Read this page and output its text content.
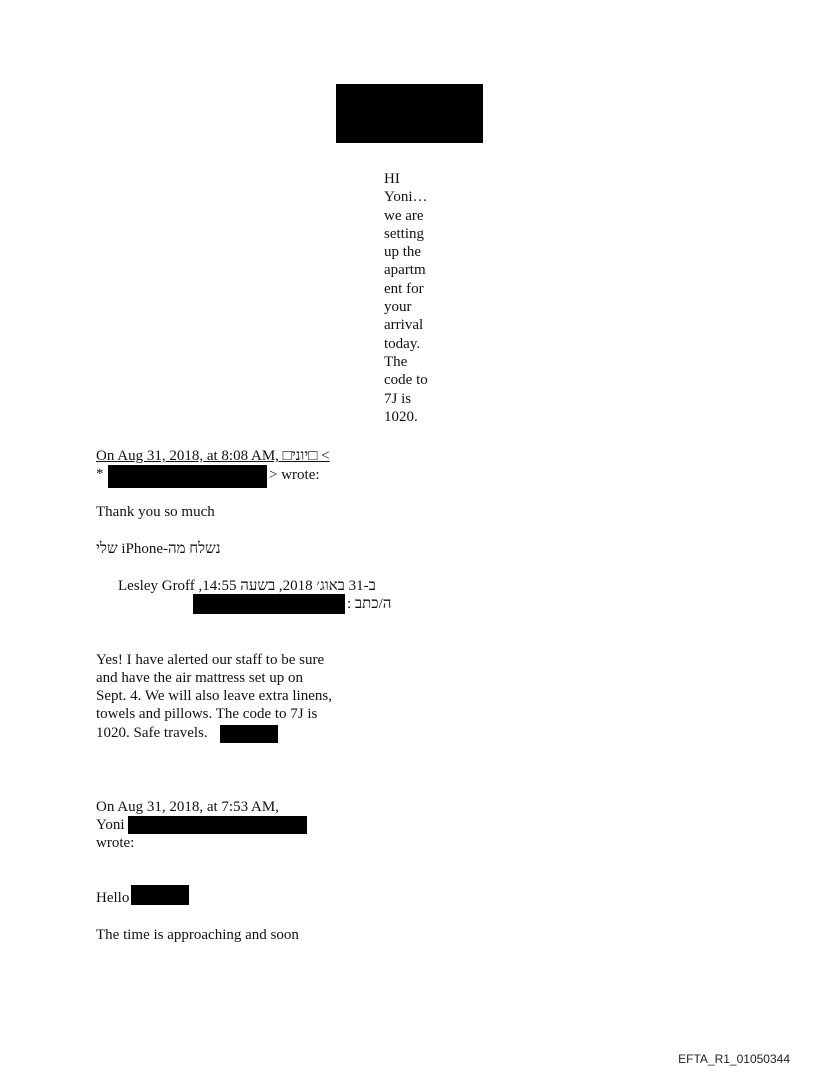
HI
Yoni…
we are
setting
up the
apartm
ent for
your
arrival
today.
The
code to
7J is
1020.
On Aug 31, 2018, at 8:08 AM, □יוני□ <
*	> wrote:
Thank you so much
נשלח מה-iPhone שלי
ב-31 באוג׳ 2018, בשעה 14:55, Lesley Groff
ה/כתב :
Yes! I have alerted our staff to be sure
and have the air mattress set up on
Sept. 4. We will also leave extra linens,
towels and pillows. The code to 7J is
1020. Safe travels.
On Aug 31, 2018, at 7:53 AM,
Yoni
wrote:
Hello
The time is approaching and soon
EFTA_R1_01050344
